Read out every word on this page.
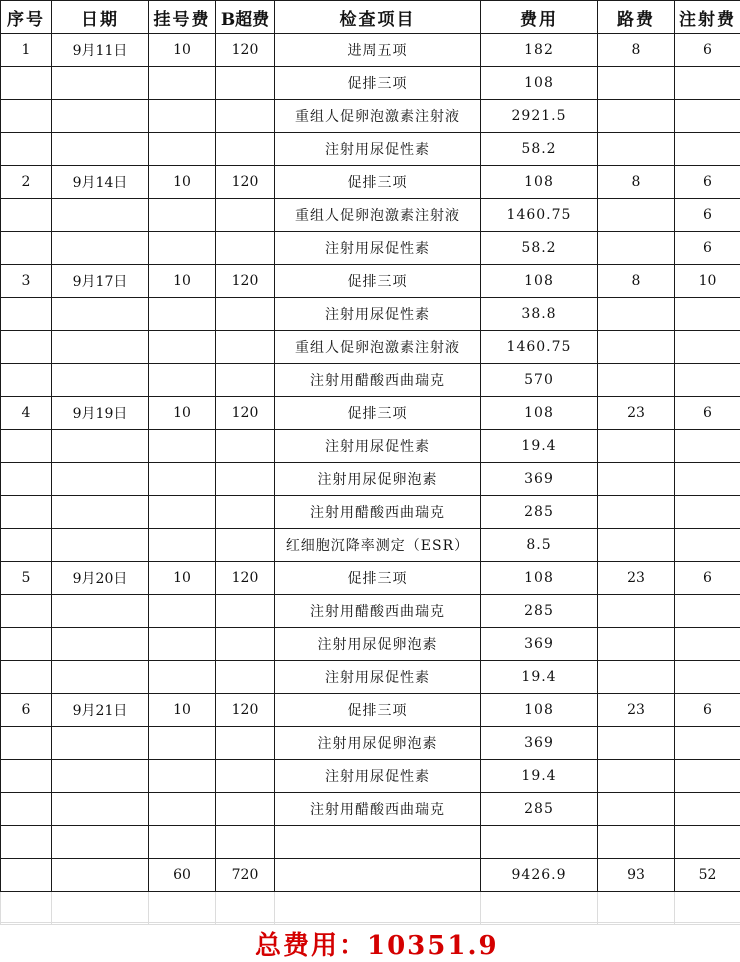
序号	日期	挂号费	B超费	检查项目	费用	路费	注射费
1	9月11日	10	120	进周五项	182	8	6
				促排三项	108		
				重组人促卵泡激素注射液	2921.5		
				注射用尿促性素	58.2		
2	9月14日	10	120	促排三项	108	8	6
				重组人促卵泡激素注射液	1460.75		6
				注射用尿促性素	58.2		6
3	9月17日	10	120	促排三项	108	8	10
				注射用尿促性素	38.8		
				重组人促卵泡激素注射液	1460.75		
				注射用醋酸西曲瑞克	570		
4	9月19日	10	120	促排三项	108	23	6
				注射用尿促性素	19.4		
				注射用尿促卵泡素	369		
				注射用醋酸西曲瑞克	285		
				红细胞沉降率测定（ESR）	8.5		
5	9月20日	10	120	促排三项	108	23	6
				注射用醋酸西曲瑞克	285		
				注射用尿促卵泡素	369		
				注射用尿促性素	19.4		
6	9月21日	10	120	促排三项	108	23	6
				注射用尿促卵泡素	369		
				注射用尿促性素	19.4		
				注射用醋酸西曲瑞克	285		

		60	720		9426.9	93	52

总费用：10351.9
